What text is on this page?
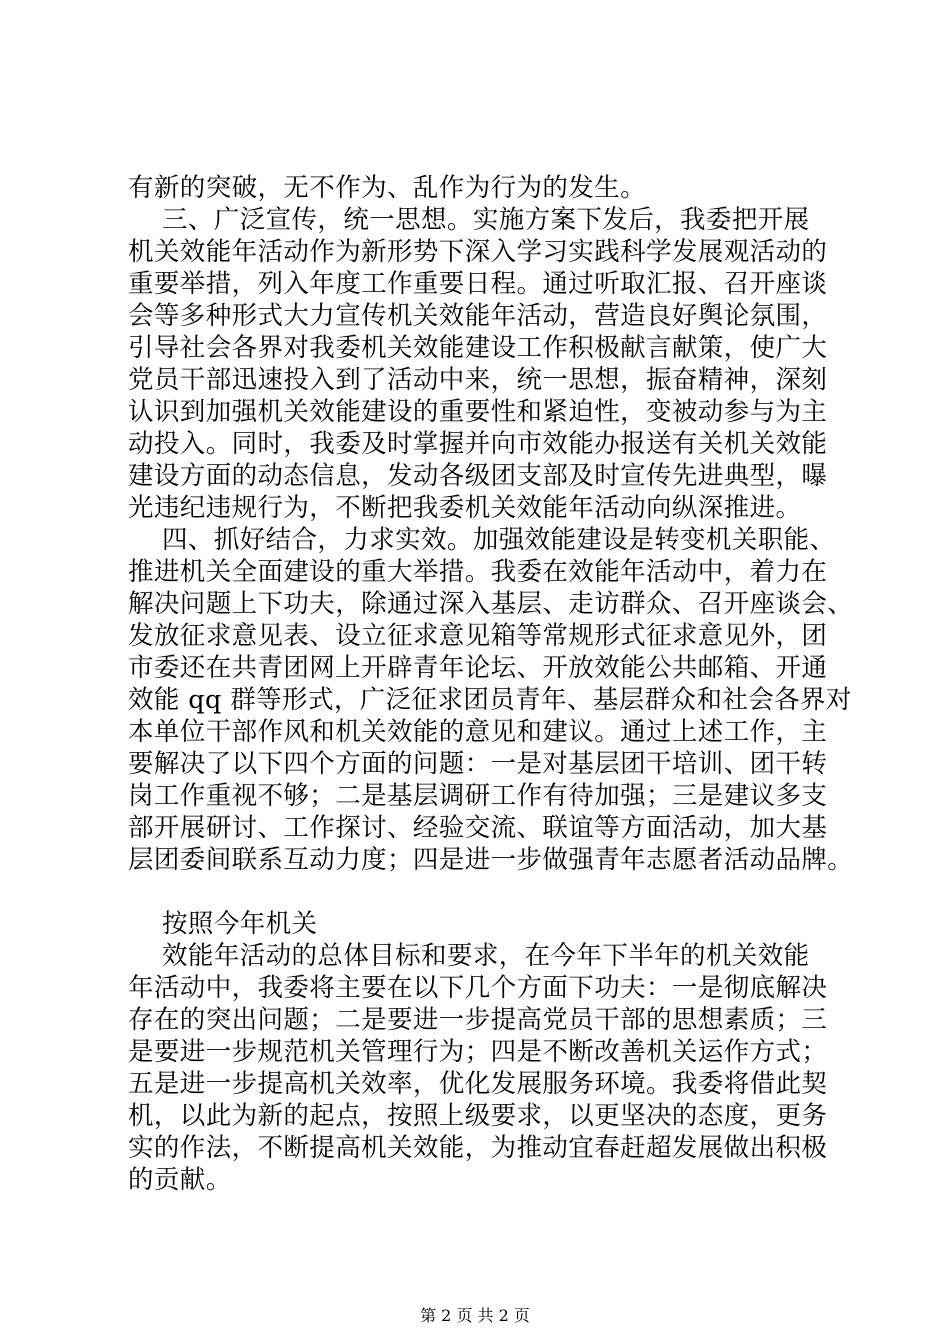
有新的突破，无不作为、乱作为行为的发生。
三、广泛宣传，统一思想。实施方案下发后，我委把开展
机关效能年活动作为新形势下深入学习实践科学发展观活动的
重要举措，列入年度工作重要日程。通过听取汇报、召开座谈
会等多种形式大力宣传机关效能年活动，营造良好舆论氛围，
引导社会各界对我委机关效能建设工作积极献言献策，使广大
党员干部迅速投入到了活动中来，统一思想，振奋精神，深刻
认识到加强机关效能建设的重要性和紧迫性，变被动参与为主
动投入。同时，我委及时掌握并向市效能办报送有关机关效能
建设方面的动态信息，发动各级团支部及时宣传先进典型，曝
光违纪违规行为，不断把我委机关效能年活动向纵深推进。
四、抓好结合，力求实效。加强效能建设是转变机关职能、
推进机关全面建设的重大举措。我委在效能年活动中，着力在
解决问题上下功夫，除通过深入基层、走访群众、召开座谈会、
发放征求意见表、设立征求意见箱等常规形式征求意见外，团
市委还在共青团网上开辟青年论坛、开放效能公共邮箱、开通
效能 qq 群等形式，广泛征求团员青年、基层群众和社会各界对
本单位干部作风和机关效能的意见和建议。通过上述工作，主
要解决了以下四个方面的问题：一是对基层团干培训、团干转
岗工作重视不够；二是基层调研工作有待加强；三是建议多支
部开展研讨、工作探讨、经验交流、联谊等方面活动，加大基
层团委间联系互动力度；四是进一步做强青年志愿者活动品牌。
按照今年机关
效能年活动的总体目标和要求，在今年下半年的机关效能
年活动中，我委将主要在以下几个方面下功夫：一是彻底解决
存在的突出问题；二是要进一步提高党员干部的思想素质；三
是要进一步规范机关管理行为；四是不断改善机关运作方式；
五是进一步提高机关效率，优化发展服务环境。我委将借此契
机，以此为新的起点，按照上级要求，以更坚决的态度，更务
实的作法，不断提高机关效能，为推动宜春赶超发展做出积极
的贡献。
第 2 页 共 2 页
